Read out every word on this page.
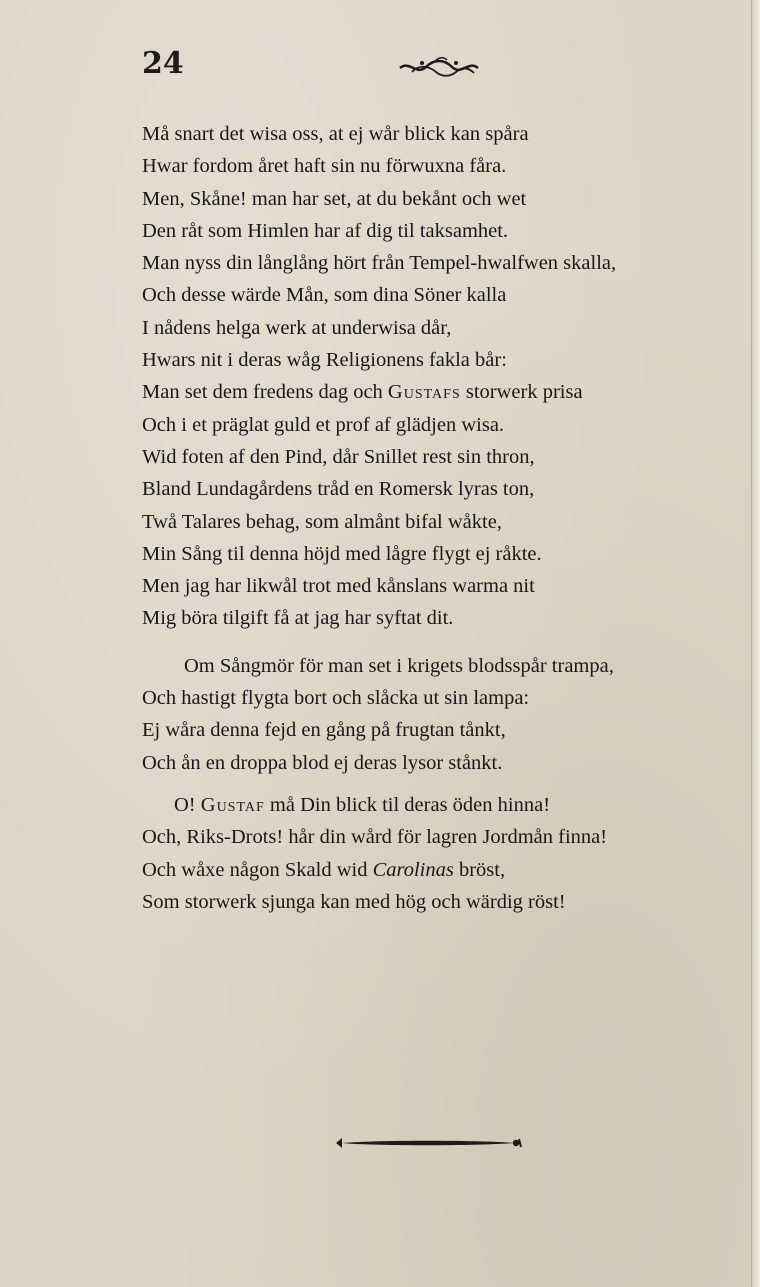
24
Må snart det wisa oss, at ej wår blick kan spåra
Hwar fordom året haft sin nu förwuxna fåra.
Men, Skåne! man har set, at du bekånt och wet
Den råt som Himlen har af dig til taksamhet.
Man nyss din långlång hört från Tempel-hwalfwen skalla,
Och desse wärde Mån, som dina Söner kalla
I nådens helga werk at underwisa dår,
Hwars nit i deras wåg Religionens fakla bår:
Man set dem fredens dag och Gustafs storwerk prisa
Och i et präglat guld et prof af glädjen wisa.
Wid foten af den Pind, dår Snillet rest sin thron,
Bland Lundagårdens tråd en Romersk lyras ton,
Twå Talares behag, som almånt bifal wåkte,
Min Sång til denna höjd med lågre flygt ej råkte.
Men jag har likwål trot med kånslans warma nit
Mig böra tilgift få at jag har syftat dit.
Om Sångmör för man set i krigets blodsspår trampa,
Och hastigt flygta bort och slåcka ut sin lampa:
Ej wåra denna fejd en gång på frugtan tånkt,
Och ån en droppa blod ej deras lysor stånkt.
O! Gustaf må Din blick til deras öden hinna!
Och, Riks-Drots! hår din wård för lagren Jordmån finna!
Och wåxe någon Skald wid Carolinas bröst,
Som storwerk sjunga kan med hög och wärdig röst!
